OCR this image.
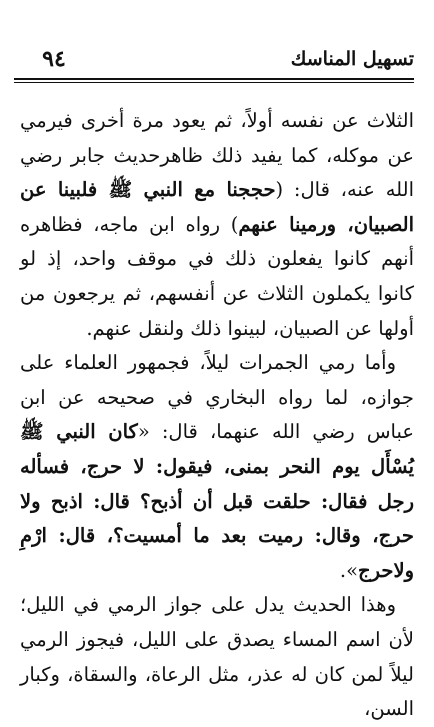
٩٤	تسهيل المناسك

الثلاث عن نفسه أولاً، ثم يعود مرة أخرى فيرمي عن موكله، كما يفيد ذلك ظاهرحديث جابر رضي الله عنه، قال: (حججنا مع النبي ﷺ فلبينا عن الصبيان، ورمينا عنهم) رواه ابن ماجه، فظاهره أنهم كانوا يفعلون ذلك في موقف واحد، إذ لو كانوا يكملون الثلاث عن أنفسهم، ثم يرجعون من أولها عن الصبيان، لبينوا ذلك ولنقل عنهم.

وأما رمي الجمرات ليلاً، فجمهور العلماء على جوازه، لما رواه البخاري في صحيحه عن ابن عباس رضي الله عنهما، قال: «كان النبي ﷺ يُسْأَل يوم النحر بمنى، فيقول: لا حرج، فسأله رجل فقال: حلقت قبل أن أذبح؟ قال: اذبح ولا حرج، وقال: رميت بعد ما أمسيت؟، قال: ارْمِ ولاحرج».

وهذا الحديث يدل على جواز الرمي في الليل؛ لأن اسم المساء يصدق على الليل، فيجوز الرمي ليلاً لمن كان له عذر، مثل الرعاة، والسقاة، وكبار السن،
